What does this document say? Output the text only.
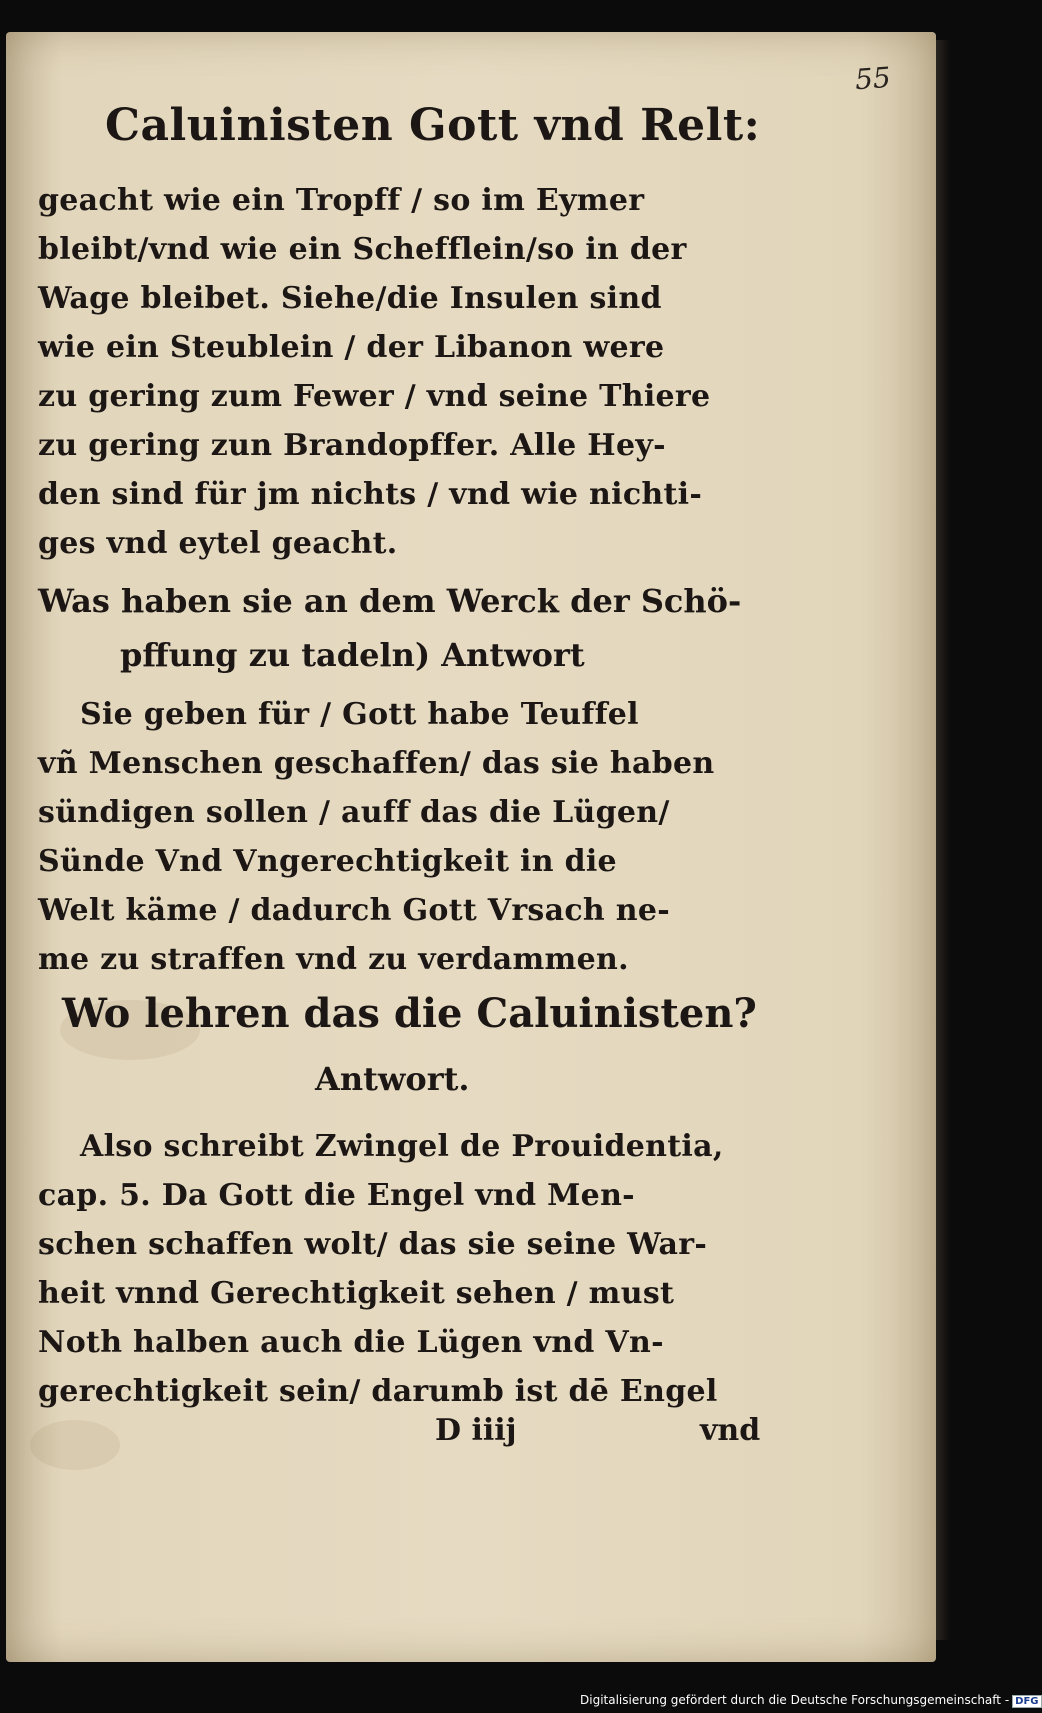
55
Caluinisten Gott vnd Relt:
geacht wie ein Tropff / so im Eymer
bleibt/vnd wie ein Schefflein/so in der
Wage bleibet. Siehe/die Insulen sind
wie ein Steublein / der Libanon were
zu gering zum Fewer / vnd seine Thiere
zu gering zun Brandopffer. Alle Hey-
den sind für jm nichts / vnd wie nichti-
ges vnd eytel geacht.
Was haben sie an dem Werck der Schö-
pffung zu tadeln) Antwort
Sie geben für / Gott habe Teuffel
vñ Menschen geschaffen/ das sie haben
sündigen sollen / auff das die Lügen/
Sünde Vnd Vngerechtigkeit in die
Welt käme / dadurch Gott Vrsach ne-
me zu straffen vnd zu verdammen.
Wo lehren das die Caluinisten?
Antwort.
Also schreibt Zwingel de Prouidentia,
cap. 5. Da Gott die Engel vnd Men-
schen schaffen wolt/ das sie seine War-
heit vnnd Gerechtigkeit sehen / must
Noth halben auch die Lügen vnd Vn-
gerechtigkeit sein/ darumb ist dē Engel
D iiij	vnd
Digitalisierung gefördert durch die Deutsche Forschungsgemeinschaft - DFG
